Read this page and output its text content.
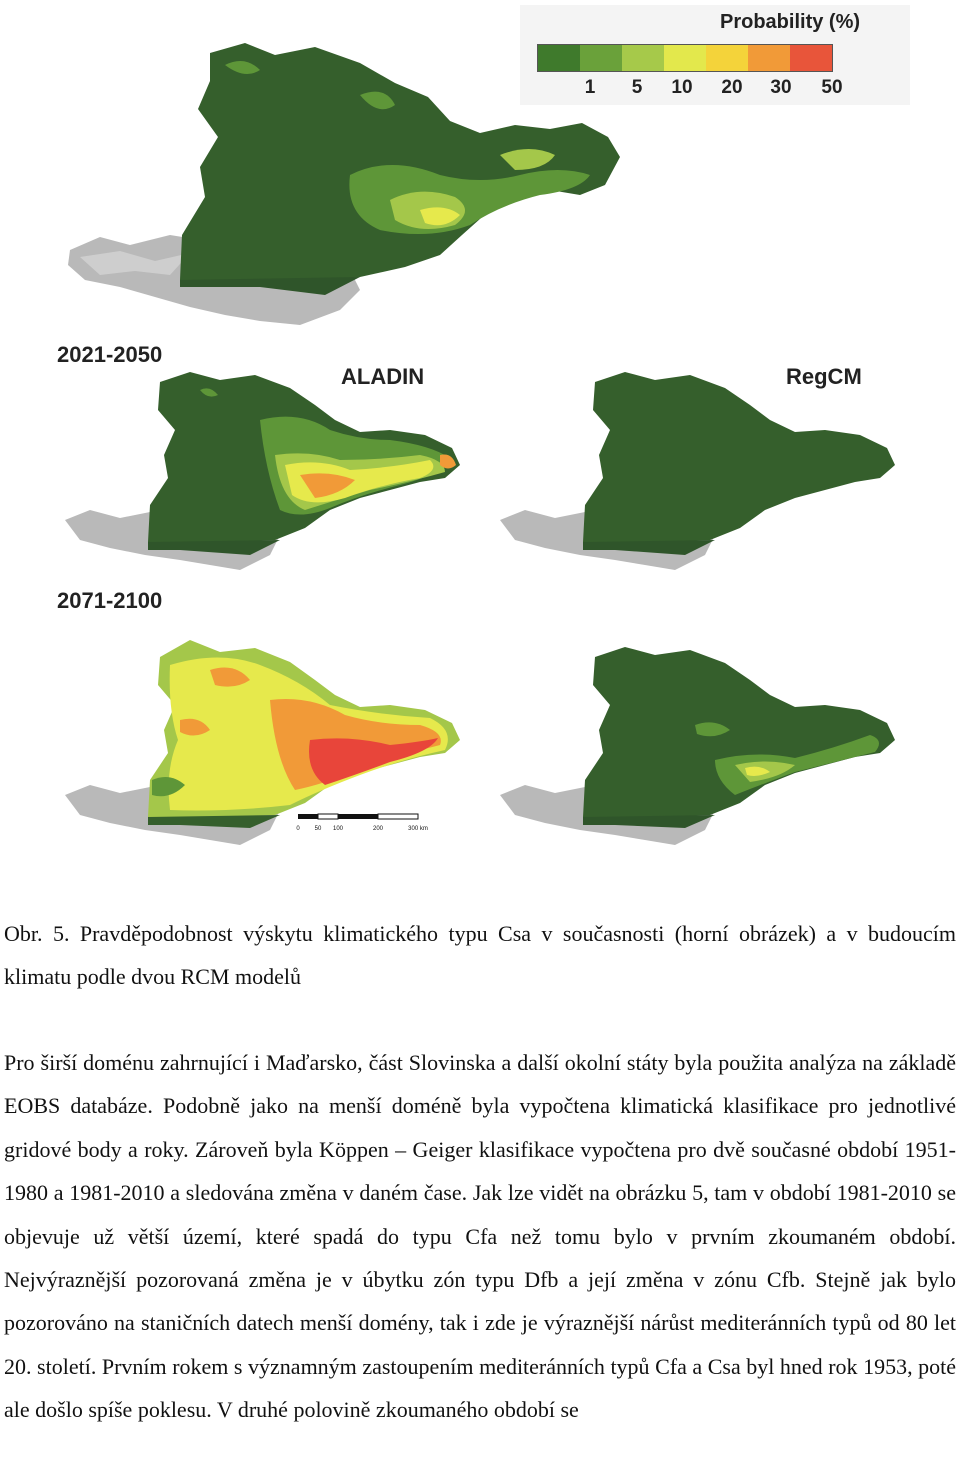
Probability (%)
1 5 10 20 30 50
2021-2050
ALADIN	RegCM
2071-2100
0 50 100	200	300 km
Obr. 5. Pravděpodobnost výskytu klimatického typu Csa v současnosti (horní obrázek) a v budoucím klimatu podle dvou RCM modelů
Pro širší doménu zahrnující i Maďarsko, část Slovinska a další okolní státy byla použita analýza na základě EOBS databáze. Podobně jako na menší doméně byla vypočtena klimatická klasifikace pro jednotlivé gridové body a roky. Zároveň byla Köppen – Geiger klasifikace vypočtena pro dvě současné období 1951-1980 a 1981-2010 a sledována změna v daném čase. Jak lze vidět na obrázku 5, tam v období 1981-2010 se objevuje už větší území, které spadá do typu Cfa než tomu bylo v prvním zkoumaném období. Nejvýraznější pozorovaná změna je v úbytku zón typu Dfb a její změna v zónu Cfb. Stejně jak bylo pozorováno na staničních datech menší domény, tak i zde je výraznější nárůst mediteránních typů od 80 let 20. století. Prvním rokem s významným zastoupením mediteránních typů Cfa a Csa byl hned rok 1953, poté ale došlo spíše poklesu. V druhé polovině zkoumaného období se
